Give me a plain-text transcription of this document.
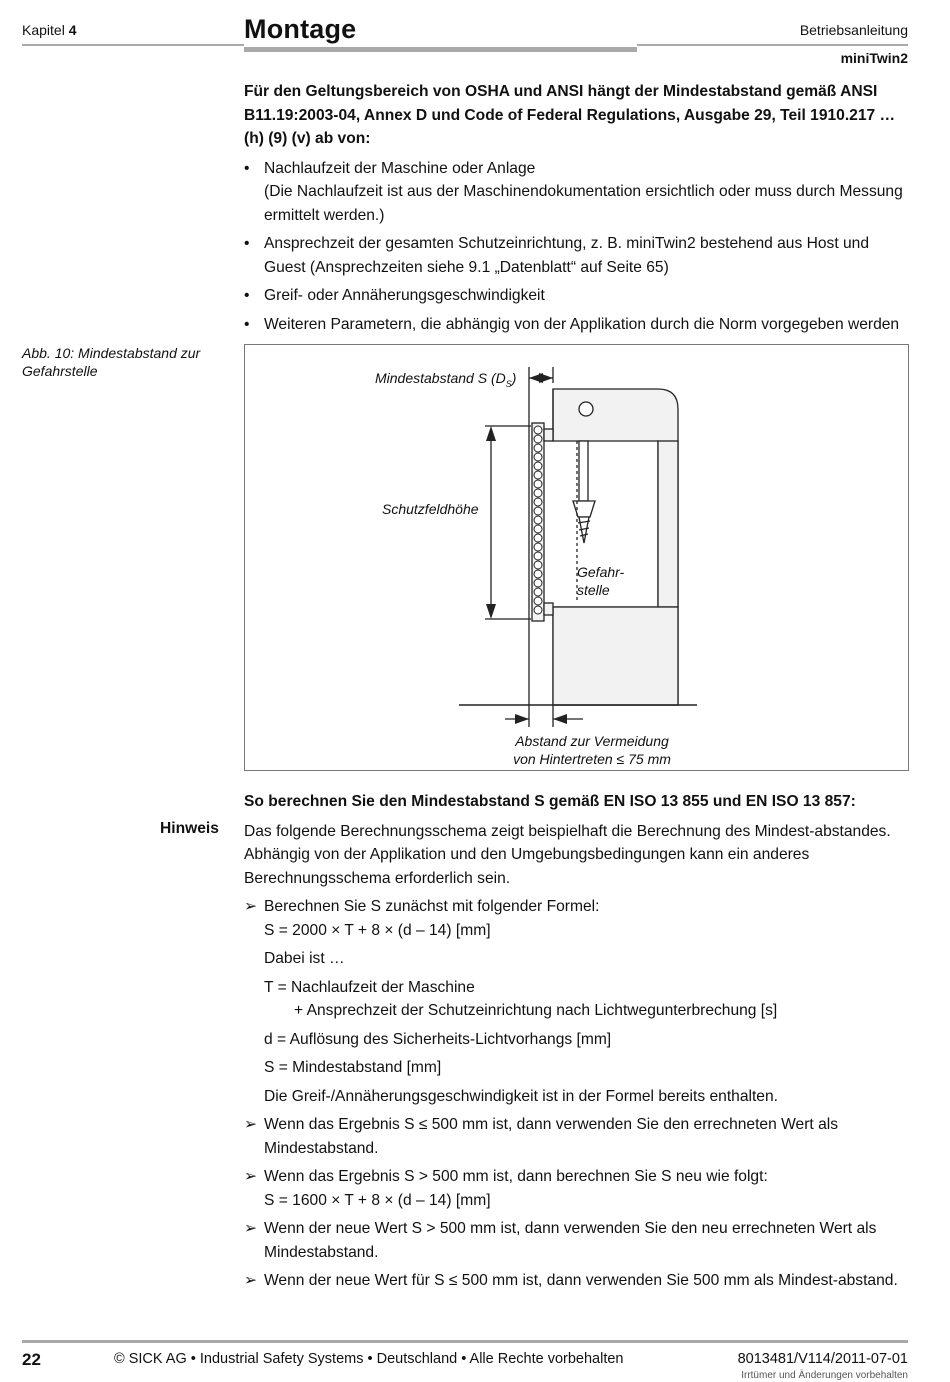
Kapitel 4	Montage	Betriebsanleitung
miniTwin2
Für den Geltungsbereich von OSHA und ANSI hängt der Mindestabstand gemäß ANSI B11.19:2003-04, Annex D und Code of Federal Regulations, Ausgabe 29, Teil 1910.217 … (h) (9) (v) ab von:
• Nachlaufzeit der Maschine oder Anlage
(Die Nachlaufzeit ist aus der Maschinendokumentation ersichtlich oder muss durch Messung ermittelt werden.)
• Ansprechzeit der gesamten Schutzeinrichtung, z. B. miniTwin2 bestehend aus Host und Guest (Ansprechzeiten siehe 9.1 „Datenblatt“ auf Seite 65)
• Greif- oder Annäherungsgeschwindigkeit
• Weiteren Parametern, die abhängig von der Applikation durch die Norm vorgegeben werden
Abb. 10: Mindestabstand zur Gefahrstelle	Mindestabstand S $(D_S)$
Schutzfeldhöhe
Gefahr-
stelle
Abstand zur Vermeidung
von Hintertreten ≤ 75 mm
Hinweis
So berechnen Sie den Mindestabstand S gemäß EN ISO 13 855 und EN ISO 13 857:

Das folgende Berechnungsschema zeigt beispielhaft die Berechnung des Mindest-abstandes. Abhängig von der Applikation und den Umgebungsbedingungen kann ein anderes Berechnungsschema erforderlich sein.

➢ Berechnen Sie S zunächst mit folgender Formel:
S = 2000 × T + 8 × (d – 14) [mm]
Dabei ist …
T = Nachlaufzeit der Maschine
+ Ansprechzeit der Schutzeinrichtung nach Lichtwegunterbrechung [s]
d = Auflösung des Sicherheits-Lichtvorhangs [mm]
S = Mindestabstand [mm]
Die Greif-/Annäherungsgeschwindigkeit ist in der Formel bereits enthalten.
➢ Wenn das Ergebnis S ≤ 500 mm ist, dann verwenden Sie den errechneten Wert als Mindestabstand.
➢ Wenn das Ergebnis S > 500 mm ist, dann berechnen Sie S neu wie folgt:
S = 1600 × T + 8 × (d – 14) [mm]
➢ Wenn der neue Wert S > 500 mm ist, dann verwenden Sie den neu errechneten Wert als Mindestabstand.
➢ Wenn der neue Wert für S ≤ 500 mm ist, dann verwenden Sie 500 mm als Mindest-abstand.
22	© SICK AG • Industrial Safety Systems • Deutschland • Alle Rechte vorbehalten	8013481/V114/2011-07-01
Irrtümer und Änderungen vorbehalten
